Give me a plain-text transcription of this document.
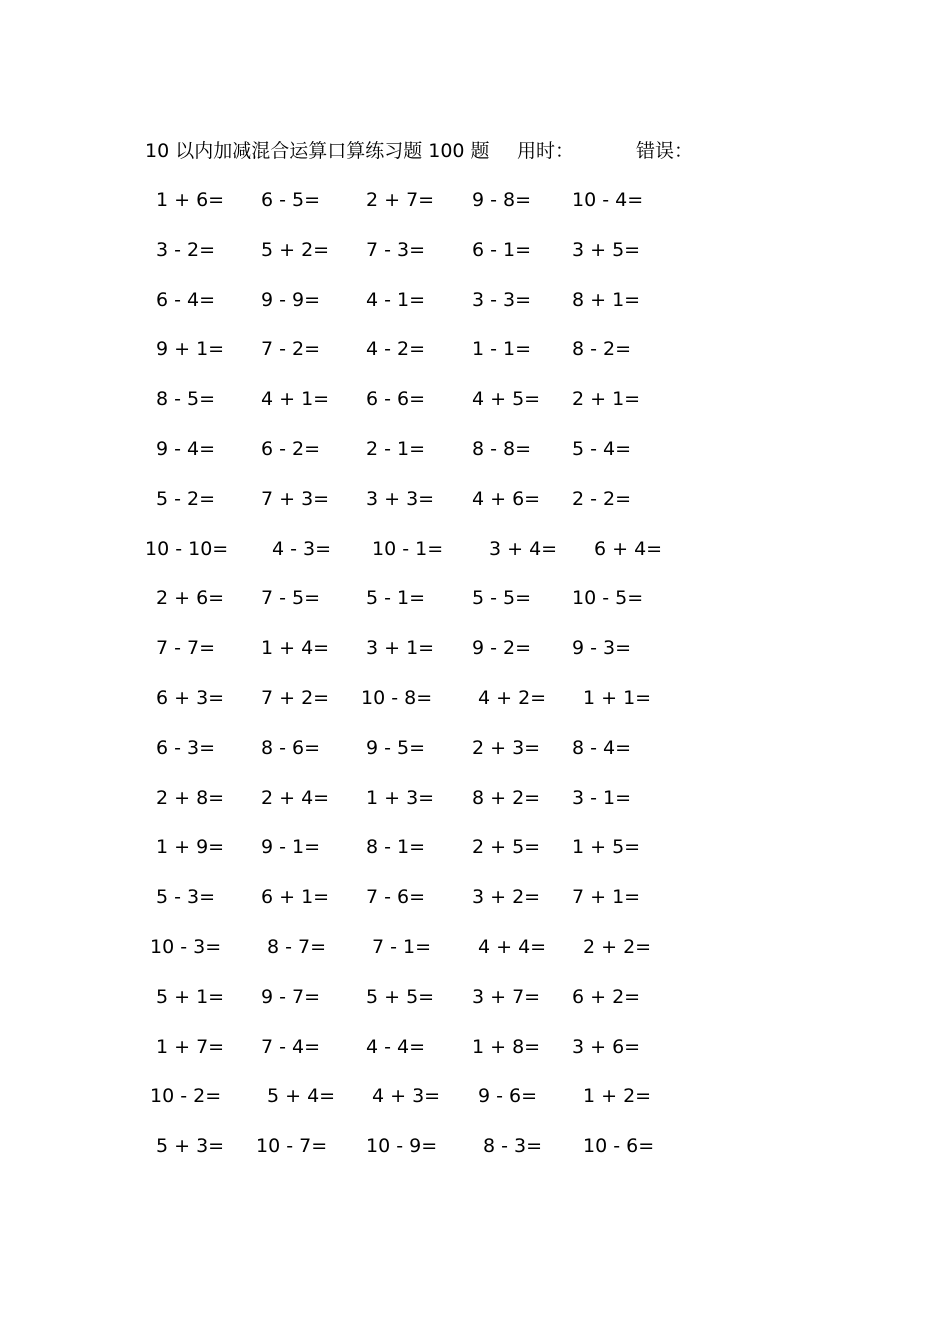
10 以内加减混合运算口算练习题 100 题 用时：	错误：
1 + 6= 6 - 5= 2 + 7= 9 - 8= 10 - 4=
3 - 2= 5 + 2= 7 - 3= 6 - 1= 3 + 5=
6 - 4= 9 - 9= 4 - 1= 3 - 3= 8 + 1=
9 + 1= 7 - 2= 4 - 2= 1 - 1= 8 - 2=
8 - 5= 4 + 1= 6 - 6= 4 + 5= 2 + 1=
9 - 4= 6 - 2= 2 - 1= 8 - 8= 5 - 4=
5 - 2= 7 + 3= 3 + 3= 4 + 6= 2 - 2=
10 - 10= 4 - 3= 10 - 1= 3 + 4= 6 + 4=
2 + 6= 7 - 5= 5 - 1= 5 - 5= 10 - 5=
7 - 7= 1 + 4= 3 + 1= 9 - 2= 9 - 3=
6 + 3= 7 + 2= 10 - 8= 4 + 2= 1 + 1=
6 - 3= 8 - 6= 9 - 5= 2 + 3= 8 - 4=
2 + 8= 2 + 4= 1 + 3= 8 + 2= 3 - 1=
1 + 9= 9 - 1= 8 - 1= 2 + 5= 1 + 5=
5 - 3= 6 + 1= 7 - 6= 3 + 2= 7 + 1=
10 - 3= 8 - 7= 7 - 1= 4 + 4= 2 + 2=
5 + 1= 9 - 7= 5 + 5= 3 + 7= 6 + 2=
1 + 7= 7 - 4= 4 - 4= 1 + 8= 3 + 6=
10 - 2= 5 + 4= 4 + 3= 9 - 6= 1 + 2=
5 + 3= 10 - 7= 10 - 9= 8 - 3= 10 - 6=
